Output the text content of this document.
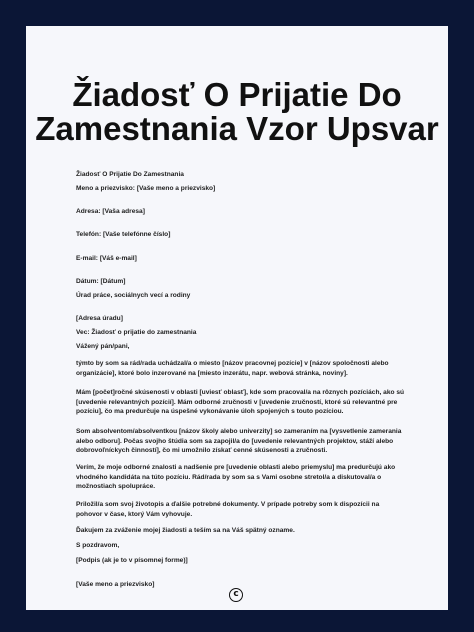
Žiadosť O Prijatie Do Zamestnania Vzor Upsvar

Žiadosť O Prijatie Do Zamestnania

Meno a priezvisko: [Vaše meno a priezvisko]

Adresa: [Vaša adresa]

Telefón: [Vaše telefónne číslo]

E-mail: [Váš e-mail]

Dátum: [Dátum]

Úrad práce, sociálnych vecí a rodiny

[Adresa úradu]

Vec: Žiadosť o prijatie do zamestnania

Vážený pán/pani,

týmto by som sa rád/rada uchádzal/a o miesto [názov pracovnej pozície] v [názov spoločnosti alebo organizácie], ktoré bolo inzerované na [miesto inzerátu, napr. webová stránka, noviny].

Mám [počet]ročné skúsenosti v oblasti [uviesť oblasť], kde som pracoval/a na rôznych pozíciách, ako sú [uvedenie relevantných pozícií]. Mám odborné zručnosti v [uvedenie zručností, ktoré sú relevantné pre pozíciu], čo ma predurčuje na úspešné vykonávanie úloh spojených s touto pozíciou.

Som absolventom/absolventkou [názov školy alebo univerzity] so zameraním na [vysvetlenie zamerania alebo odboru]. Počas svojho štúdia som sa zapojil/a do [uvedenie relevantných projektov, stáží alebo dobrovoľníckych činností], čo mi umožnilo získať cenné skúsenosti a zručnosti.

Verím, že moje odborné znalosti a nadšenie pre [uvedenie oblasti alebo priemyslu] ma predurčujú ako vhodného kandidáta na túto pozíciu. Rád/rada by som sa s Vami osobne stretol/a a diskutoval/a o možnostiach spolupráce.

Priložil/a som svoj životopis a ďalšie potrebné dokumenty. V prípade potreby som k dispozícii na pohovor v čase, ktorý Vám vyhovuje.

Ďakujem za zváženie mojej žiadosti a teším sa na Váš spätný ozname.

S pozdravom,

[Podpis (ak je to v písomnej forme)]

[Vaše meno a priezvisko]

c
